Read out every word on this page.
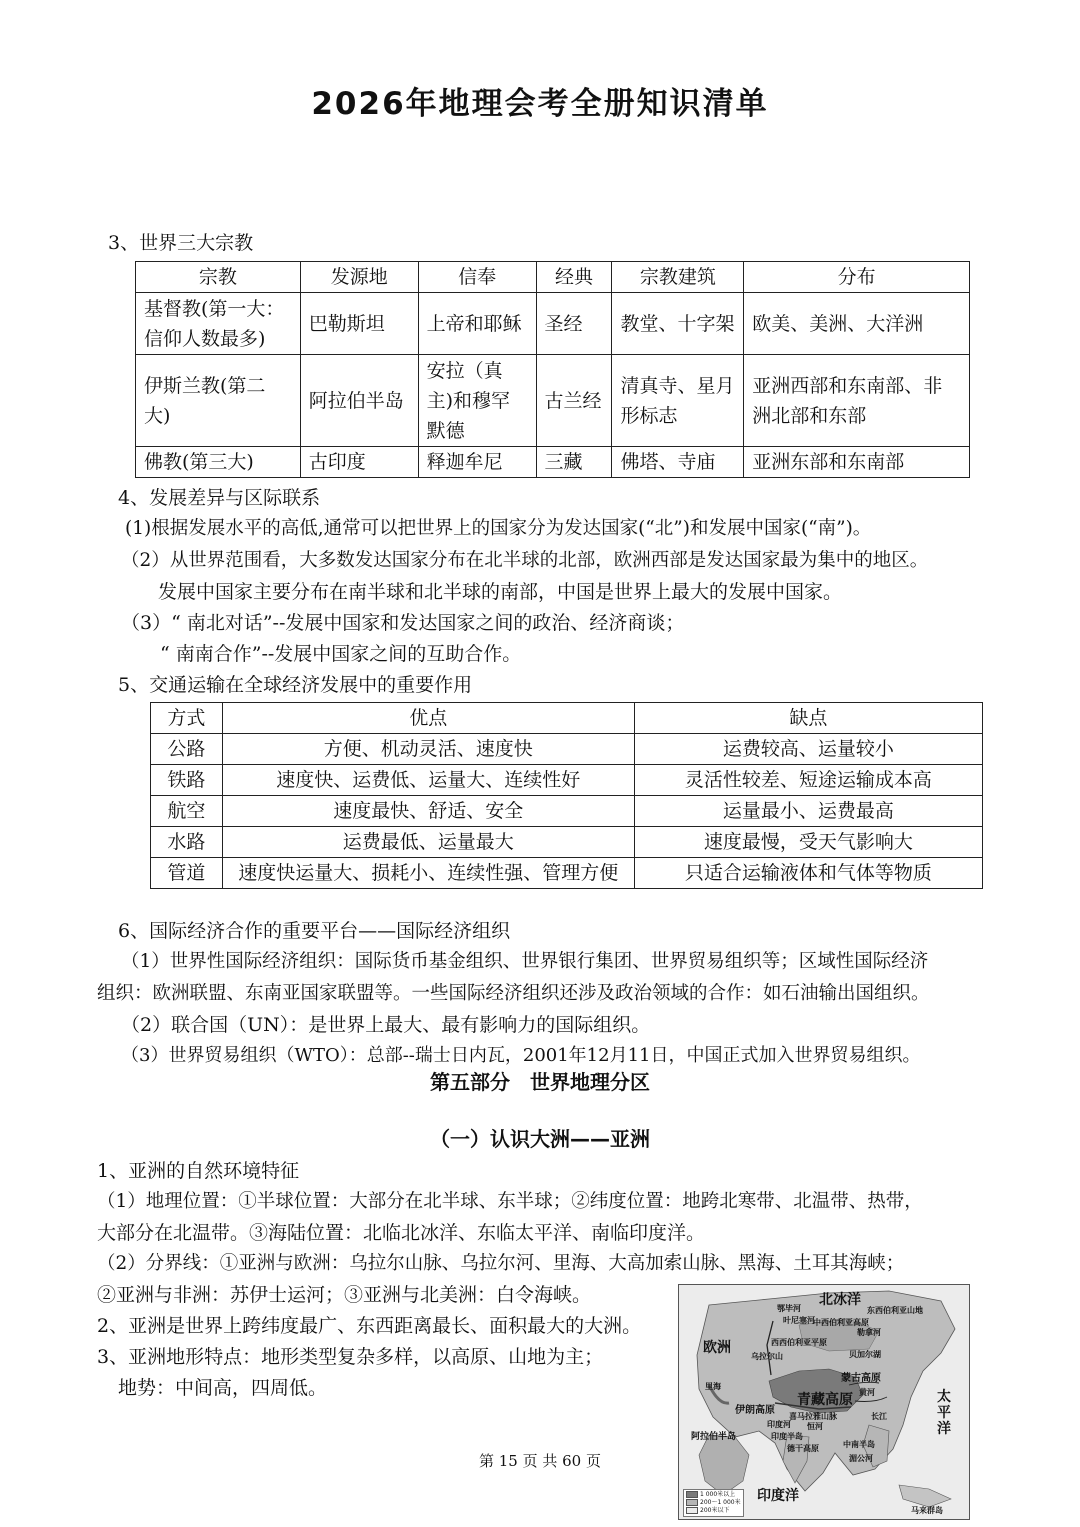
2026年地理会考全册知识清单
3、世界三大宗教
宗教	发源地	信奉	经典	宗教建筑	分布
基督教(第一大：信仰人数最多)	巴勒斯坦	上帝和耶稣	圣经	教堂、十字架	欧美、美洲、大洋洲
伊斯兰教(第二大)	阿拉伯半岛	安拉（真主)和穆罕默德	古兰经	清真寺、星月形标志	亚洲西部和东南部、非洲北部和东部
佛教(第三大)	古印度	释迦牟尼	三藏	佛塔、寺庙	亚洲东部和东南部
4、发展差异与区际联系
(1)根据发展水平的高低,通常可以把世界上的国家分为发达国家(“北”)和发展中国家(“南”)。
（2）从世界范围看，大多数发达国家分布在北半球的北部，欧洲西部是发达国家最为集中的地区。
发展中国家主要分布在南半球和北半球的南部，中国是世界上最大的发展中国家。
（3）“ 南北对话”--发展中国家和发达国家之间的政治、经济商谈；
“ 南南合作”--发展中国家之间的互助合作。
5、交通运输在全球经济发展中的重要作用
方式	优点	缺点
公路	方便、机动灵活、速度快	运费较高、运量较小
铁路	速度快、运费低、运量大、连续性好	灵活性较差、短途运输成本高
航空	速度最快、舒适、安全	运量最小、运费最高
水路	运费最低、运量最大	速度最慢，受天气影响大
管道	速度快运量大、损耗小、连续性强、管理方便	只适合运输液体和气体等物质
6、国际经济合作的重要平台——国际经济组织
（1）世界性国际经济组织：国际货币基金组织、世界银行集团、世界贸易组织等；区域性国际经济
组织：欧洲联盟、东南亚国家联盟等。一些国际经济组织还涉及政治领域的合作：如石油输出国组织。
（2）联合国（UN）：是世界上最大、最有影响力的国际组织。
（3）世界贸易组织（WTO）：总部--瑞士日内瓦，2001年12月11日，中国正式加入世界贸易组织。
第五部分　世界地理分区
（一）认识大洲——亚洲
1、亚洲的自然环境特征
（1）地理位置：①半球位置：大部分在北半球、东半球；②纬度位置：地跨北寒带、北温带、热带，
大部分在北温带。③海陆位置：北临北冰洋、东临太平洋、南临印度洋。
（2）分界线：①亚洲与欧洲：乌拉尔山脉、乌拉尔河、里海、大高加索山脉、黑海、土耳其海峡；
②亚洲与非洲：苏伊士运河；③亚洲与北美洲：白令海峡。
2、亚洲是世界上跨纬度最广、东西距离最长、面积最大的大洲。
3、亚洲地形特点：地形类型复杂多样，以高原、山地为主；
地势：中间高，四周低。
北冰洋
欧洲
太平洋
印度洋
东西伯利亚山地
中西伯利亚高原
西西伯利亚平原
勒拿河
鄂毕河
叶尼塞河
贝加尔湖
蒙古高原
黄河
长江
青藏高原
喜马拉雅山脉
恒河
印度河
德干高原
伊朗高原
阿拉伯半岛	印度半岛
中南半岛
湄公河
里海
乌拉尔山
马来群岛
1 000米以上
200～1 000米
200米以下
第 15 页 共 60 页
